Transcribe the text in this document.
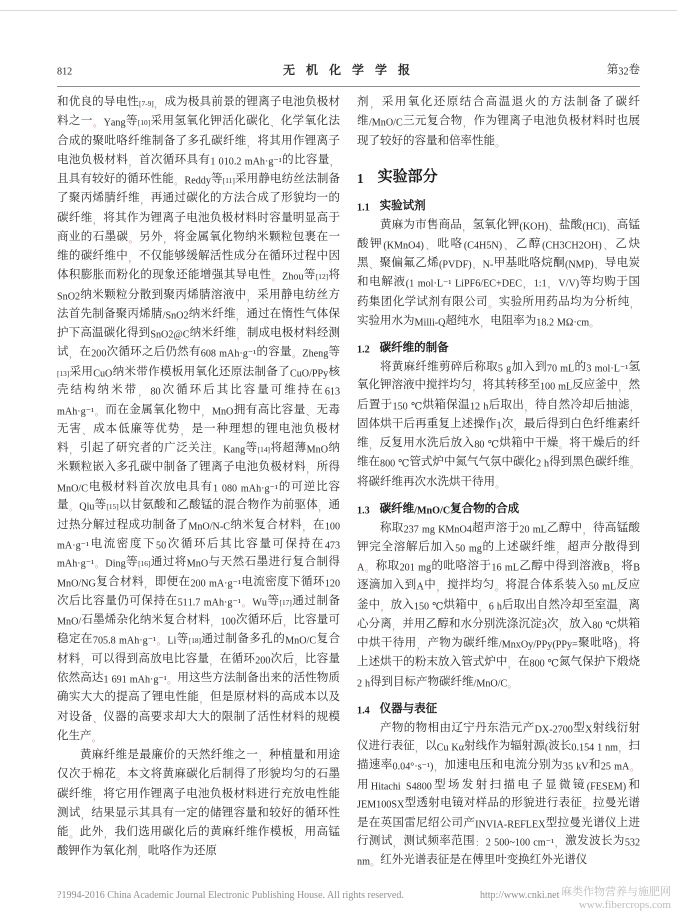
812	无 机 化 学 学 报	第32卷

和优良的导电性[7-9]，成为极具前景的锂离子电池负极材料之一。Yang等[10]采用氢氧化钾活化碳化、化学氧化法合成的聚吡咯纤维制备了多孔碳纤维，将其用作锂离子电池负极材料，首次循环具有1 010.2 mAh·g⁻¹的比容量，且具有较好的循环性能。Reddy等[11]采用静电纺丝法制备了聚丙烯腈纤维，再通过碳化的方法合成了形貌均一的碳纤维，将其作为锂离子电池负极材料时容量明显高于商业的石墨碳。另外，将金属氧化物纳米颗粒包裹在一维的碳纤维中，不仅能够缓解活性成分在循环过程中因体积膨胀而粉化的现象还能增强其导电性。Zhou等[12]将SnO2纳米颗粒分散到聚丙烯腈溶液中，采用静电纺丝方法首先制备聚丙烯腈/SnO2纳米纤维，通过在惰性气体保护下高温碳化得到SnO2@C纳米纤维，制成电极材料经测试，在200次循环之后仍然有608 mAh·g⁻¹的容量。Zheng等[13]采用CuO纳米带作模板用氧化还原法制备了CuO/PPy核壳结构纳米带，80次循环后其比容量可维持在613 mAh·g⁻¹。而在金属氧化物中，MnO拥有高比容量、无毒无害、成本低廉等优势，是一种理想的锂电池负极材料，引起了研究者的广泛关注。Kang等[14]将超薄MnO纳米颗粒嵌入多孔碳中制备了锂离子电池负极材料，所得MnO/C电极材料首次放电具有1 080 mAh·g⁻¹的可逆比容量。Qiu等[15]以甘氨酸和乙酸锰的混合物作为前驱体，通过热分解过程成功制备了MnO/N-C纳米复合材料，在100 mA·g⁻¹电流密度下50次循环后其比容量可保持在473 mAh·g⁻¹。Ding等[16]通过将MnO与天然石墨进行复合制得MnO/NG复合材料，即便在200 mA·g⁻¹电流密度下循环120次后比容量仍可保持在511.7 mAh·g⁻¹。Wu等[17]通过制备MnO/石墨烯杂化纳米复合材料，100次循环后，比容量可稳定在705.8 mAh·g⁻¹。Li等[18]通过制备多孔的MnO/C复合材料，可以得到高放电比容量，在循环200次后，比容量依然高达1 691 mAh·g⁻¹。用这些方法制备出来的活性物质确实大大的提高了锂电性能，但是原材料的高成本以及对设备、仪器的高要求却大大的限制了活性材料的规模化生产。

黄麻纤维是最廉价的天然纤维之一，种植量和用途仅次于棉花。本文将黄麻碳化后制得了形貌均匀的石墨碳纤维，将它用作锂离子电池负极材料进行充放电性能测试，结果显示其具有一定的储锂容量和较好的循环性能。此外，我们选用碳化后的黄麻纤维作模板，用高锰酸钾作为氧化剂，吡咯作为还原

剂，采用氧化还原结合高温退火的方法制备了碳纤维/MnO/C三元复合物，作为锂离子电池负极材料时也展现了较好的容量和倍率性能。

1 实验部分
1.1 实验试剂

黄麻为市售商品，氢氧化钾(KOH)、盐酸(HCl)、高锰酸钾(KMnO4)、吡咯(C4H5N)、乙醇(CH3CH2OH)、乙炔黑、聚偏氟乙烯(PVDF)、N-甲基吡咯烷酮(NMP)、导电炭和电解液(1 mol·L⁻¹ LiPF6/EC+DEC，1:1，V/V)等均购于国药集团化学试剂有限公司。实验所用药品均为分析纯，实验用水为Milli-Q超纯水，电阻率为18.2 MΩ·cm。

1.2 碳纤维的制备

将黄麻纤维剪碎后称取5 g加入到70 mL的3 mol·L⁻¹氢氧化钾溶液中搅拌均匀，将其转移至100 mL反应釜中，然后置于150 ℃烘箱保温12 h后取出，待自然冷却后抽滤，固体烘干后再重复上述操作1次，最后得到白色纤维素纤维，反复用水洗后放入80 ℃烘箱中干燥。将干燥后的纤维在800 ℃管式炉中氮气气氛中碳化2 h得到黑色碳纤维。将碳纤维再次水洗烘干待用。

1.3 碳纤维/MnO/C复合物的合成

称取237 mg KMnO4超声溶于20 mL乙醇中，待高锰酸钾完全溶解后加入50 mg的上述碳纤维，超声分散得到A。称取201 mg的吡咯溶于16 mL乙醇中得到溶液B，将B逐滴加入到A中，搅拌均匀。将混合体系装入50 mL反应釜中，放入150 ℃烘箱中，6 h后取出自然冷却至室温，离心分离，并用乙醇和水分别洗涤沉淀3次，放入80 ℃烘箱中烘干待用，产物为碳纤维/MnxOy/PPy(PPy=聚吡咯)。将上述烘干的粉末放入管式炉中，在800 ℃氮气保护下煅烧2 h得到目标产物碳纤维/MnO/C。

1.4 仪器与表征

产物的物相由辽宁丹东浩元产DX-2700型X射线衍射仪进行表征，以Cu Kα射线作为辐射源(波长0.154 1 nm，扫描速率0.04°·s⁻¹)，加速电压和电流分别为35 kV和25 mA。用Hitachi S4800型场发射扫描电子显微镜(FESEM)和JEM100SX型透射电镜对样品的形貌进行表征。拉曼光谱是在英国雷尼绍公司产INVIA-REFLEX型拉曼光谱仪上进行测试，测试频率范围：2 500~100 cm⁻¹，激发波长为532 nm。红外光谱表征是在傅里叶变换红外光谱仪

?1994-2016 China Academic Journal Electronic Publishing House. All rights reserved.	http://www.cnki.net 麻类作物营养与施肥网
www.fibercrops.com
